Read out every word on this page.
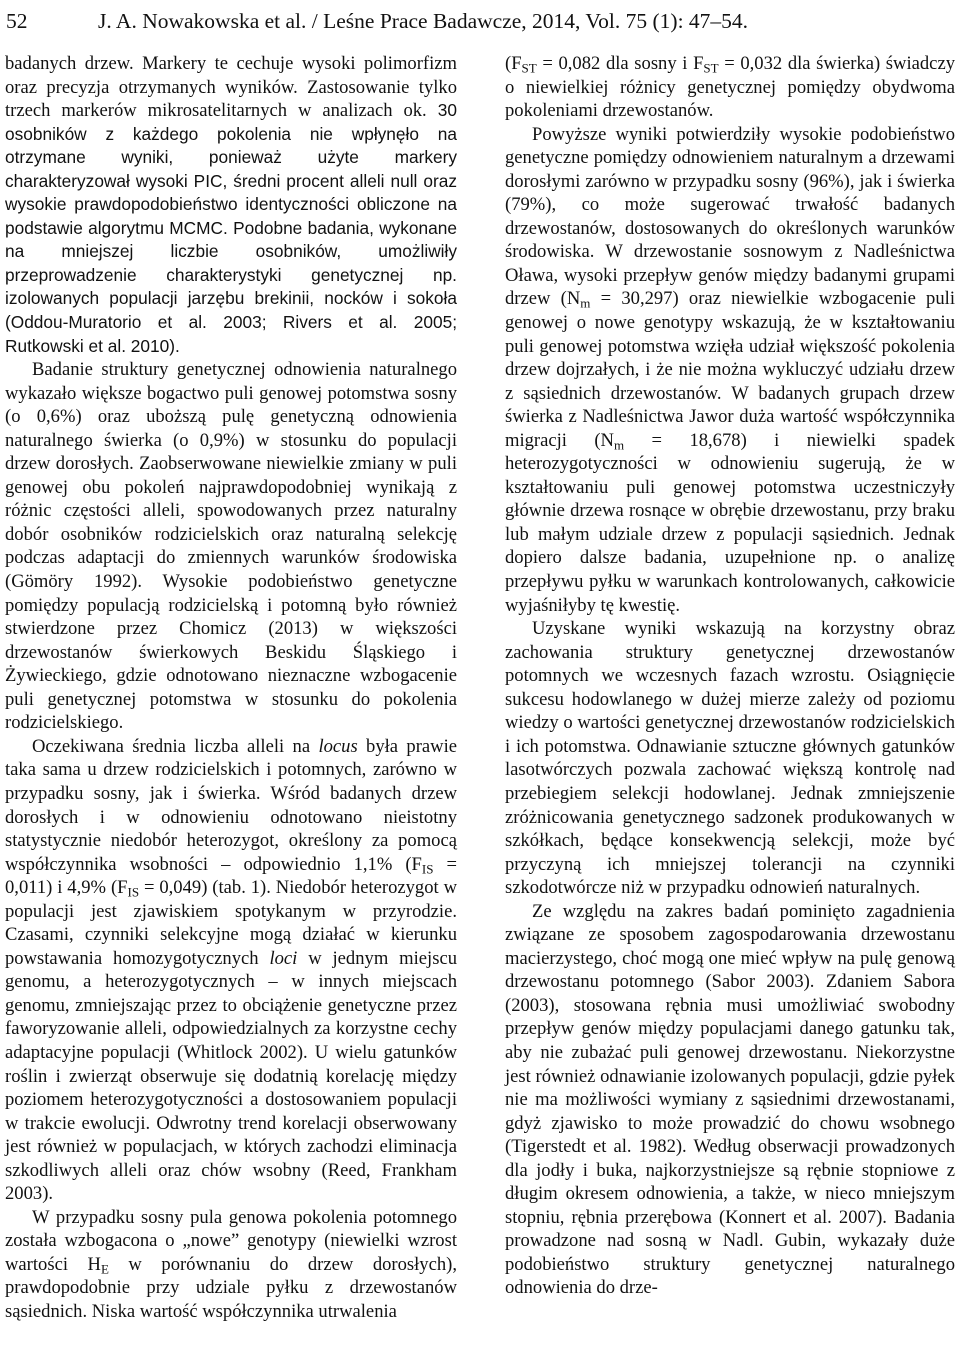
52	J. A. Nowakowska et al. / Leśne Prace Badawcze, 2014, Vol. 75 (1): 47–54.

badanych drzew. Markery te cechuje wysoki polimorfizm oraz precyzja otrzymanych wyników. Zastosowanie tylko trzech markerów mikrosatelitarnych w analizach ok. 30 osobników z każdego pokolenia nie wpłynęło na otrzymane wyniki, ponieważ użyte markery charakteryzował wysoki PIC, średni procent alleli null oraz wysokie prawdopodobieństwo identyczności obliczone na podstawie algorytmu MCMC. Podobne badania, wykonane na mniejszej liczbie osobników, umożliwiły przeprowadzenie charakterystyki genetycznej np. izolowanych populacji jarzębu brekinii, nocków i sokoła (Oddou-Muratorio et al. 2003; Rivers et al. 2005; Rutkowski et al. 2010).

Badanie struktury genetycznej odnowienia naturalnego wykazało większe bogactwo puli genowej potomstwa sosny (o 0,6%) oraz uboższą pulę genetyczną odnowienia naturalnego świerka (o 0,9%) w stosunku do populacji drzew dorosłych. Zaobserwowane niewielkie zmiany w puli genowej obu pokoleń najprawdopodobniej wynikają z różnic częstości alleli, spowodowanych przez naturalny dobór osobników rodzicielskich oraz naturalną selekcję podczas adaptacji do zmiennych warunków środowiska (Gömöry 1992). Wysokie podobieństwo genetyczne pomiędzy populacją rodzicielską i potomną było również stwierdzone przez Chomicz (2013) w większości drzewostanów świerkowych Beskidu Śląskiego i Żywieckiego, gdzie odnotowano nieznaczne wzbogacenie puli genetycznej potomstwa w stosunku do pokolenia rodzicielskiego.

Oczekiwana średnia liczba alleli na locus była prawie taka sama u drzew rodzicielskich i potomnych, zarówno w przypadku sosny, jak i świerka. Wśród badanych drzew dorosłych i w odnowieniu odnotowano nieistotny statystycznie niedobór heterozygot, określony za pomocą współczynnika wsobności – odpowiednio 1,1% $(F_{IS} = 0,011)$ i 4,9% $(F_{IS} = 0,049)$ (tab. 1). Niedobór heterozygot w populacji jest zjawiskiem spotykanym w przyrodzie. Czasami, czynniki selekcyjne mogą działać w kierunku powstawania homozygotycznych loci w jednym miejscu genomu, a heterozygotycznych – w innych miejscach genomu, zmniejszając przez to obciążenie genetyczne przez faworyzowanie alleli, odpowiedzialnych za korzystne cechy adaptacyjne populacji (Whitlock 2002). U wielu gatunków roślin i zwierząt obserwuje się dodatnią korelację między poziomem heterozygotyczności a dostosowaniem populacji w trakcie ewolucji. Odwrotny trend korelacji obserwowany jest również w populacjach, w których zachodzi eliminacja szkodliwych alleli oraz chów wsobny (Reed, Frankham 2003).

W przypadku sosny pula genowa pokolenia potomnego została wzbogacona o „nowe” genotypy (niewielki wzrost wartości $H_E$ w porównaniu do drzew dorosłych), prawdopodobnie przy udziale pyłku z drzewostanów sąsiednich. Niska wartość współczynnika utrwalenia

($F_{ST} = 0,082$ dla sosny i $F_{ST} = 0,032$ dla świerka) świadczy o niewielkiej różnicy genetycznej pomiędzy obydwoma pokoleniami drzewostanów.

Powyższe wyniki potwierdziły wysokie podobieństwo genetyczne pomiędzy odnowieniem naturalnym a drzewami dorosłymi zarówno w przypadku sosny (96%), jak i świerka (79%), co może sugerować trwałość badanych drzewostanów, dostosowanych do określonych warunków środowiska. W drzewostanie sosnowym z Nadleśnictwa Oława, wysoki przepływ genów między badanymi grupami drzew $(N_m = 30,297)$ oraz niewielkie wzbogacenie puli genowej o nowe genotypy wskazują, że w kształtowaniu puli genowej potomstwa wzięła udział większość pokolenia drzew dojrzałych, i że nie można wykluczyć udziału drzew z sąsiednich drzewostanów. W badanych grupach drzew świerka z Nadleśnictwa Jawor duża wartość współczynnika migracji $(N_m = 18,678)$ i niewielki spadek heterozygotyczności w odnowieniu sugerują, że w kształtowaniu puli genowej potomstwa uczestniczyły głównie drzewa rosnące w obrębie drzewostanu, przy braku lub małym udziale drzew z populacji sąsiednich. Jednak dopiero dalsze badania, uzupełnione np. o analizę przepływu pyłku w warunkach kontrolowanych, całkowicie wyjaśniłyby tę kwestię.

Uzyskane wyniki wskazują na korzystny obraz zachowania struktury genetycznej drzewostanów potomnych we wczesnych fazach wzrostu. Osiągnięcie sukcesu hodowlanego w dużej mierze zależy od poziomu wiedzy o wartości genetycznej drzewostanów rodzicielskich i ich potomstwa. Odnawianie sztuczne głównych gatunków lasotwórczych pozwala zachować większą kontrolę nad przebiegiem selekcji hodowlanej. Jednak zmniejszenie zróżnicowania genetycznego sadzonek produkowanych w szkółkach, będące konsekwencją selekcji, może być przyczyną ich mniejszej tolerancji na czynniki szkodotwórcze niż w przypadku odnowień naturalnych.

Ze względu na zakres badań pominięto zagadnienia związane ze sposobem zagospodarowania drzewostanu macierzystego, choć mogą one mieć wpływ na pulę genową drzewostanu potomnego (Sabor 2003). Zdaniem Sabora (2003), stosowana rębnia musi umożliwiać swobodny przepływ genów między populacjami danego gatunku tak, aby nie zubażać puli genowej drzewostanu. Niekorzystne jest również odnawianie izolowanych populacji, gdzie pyłek nie ma możliwości wymiany z sąsiednimi drzewostanami, gdyż zjawisko to może prowadzić do chowu wsobnego (Tigerstedt et al. 1982). Według obserwacji prowadzonych dla jodły i buka, najkorzystniejsze są rębnie stopniowe z długim okresem odnowienia, a także, w nieco mniejszym stopniu, rębnia przerębowa (Konnert et al. 2007). Badania prowadzone nad sosną w Nadl. Gubin, wykazały duże podobieństwo struktury genetycznej naturalnego odnowienia do drze-
